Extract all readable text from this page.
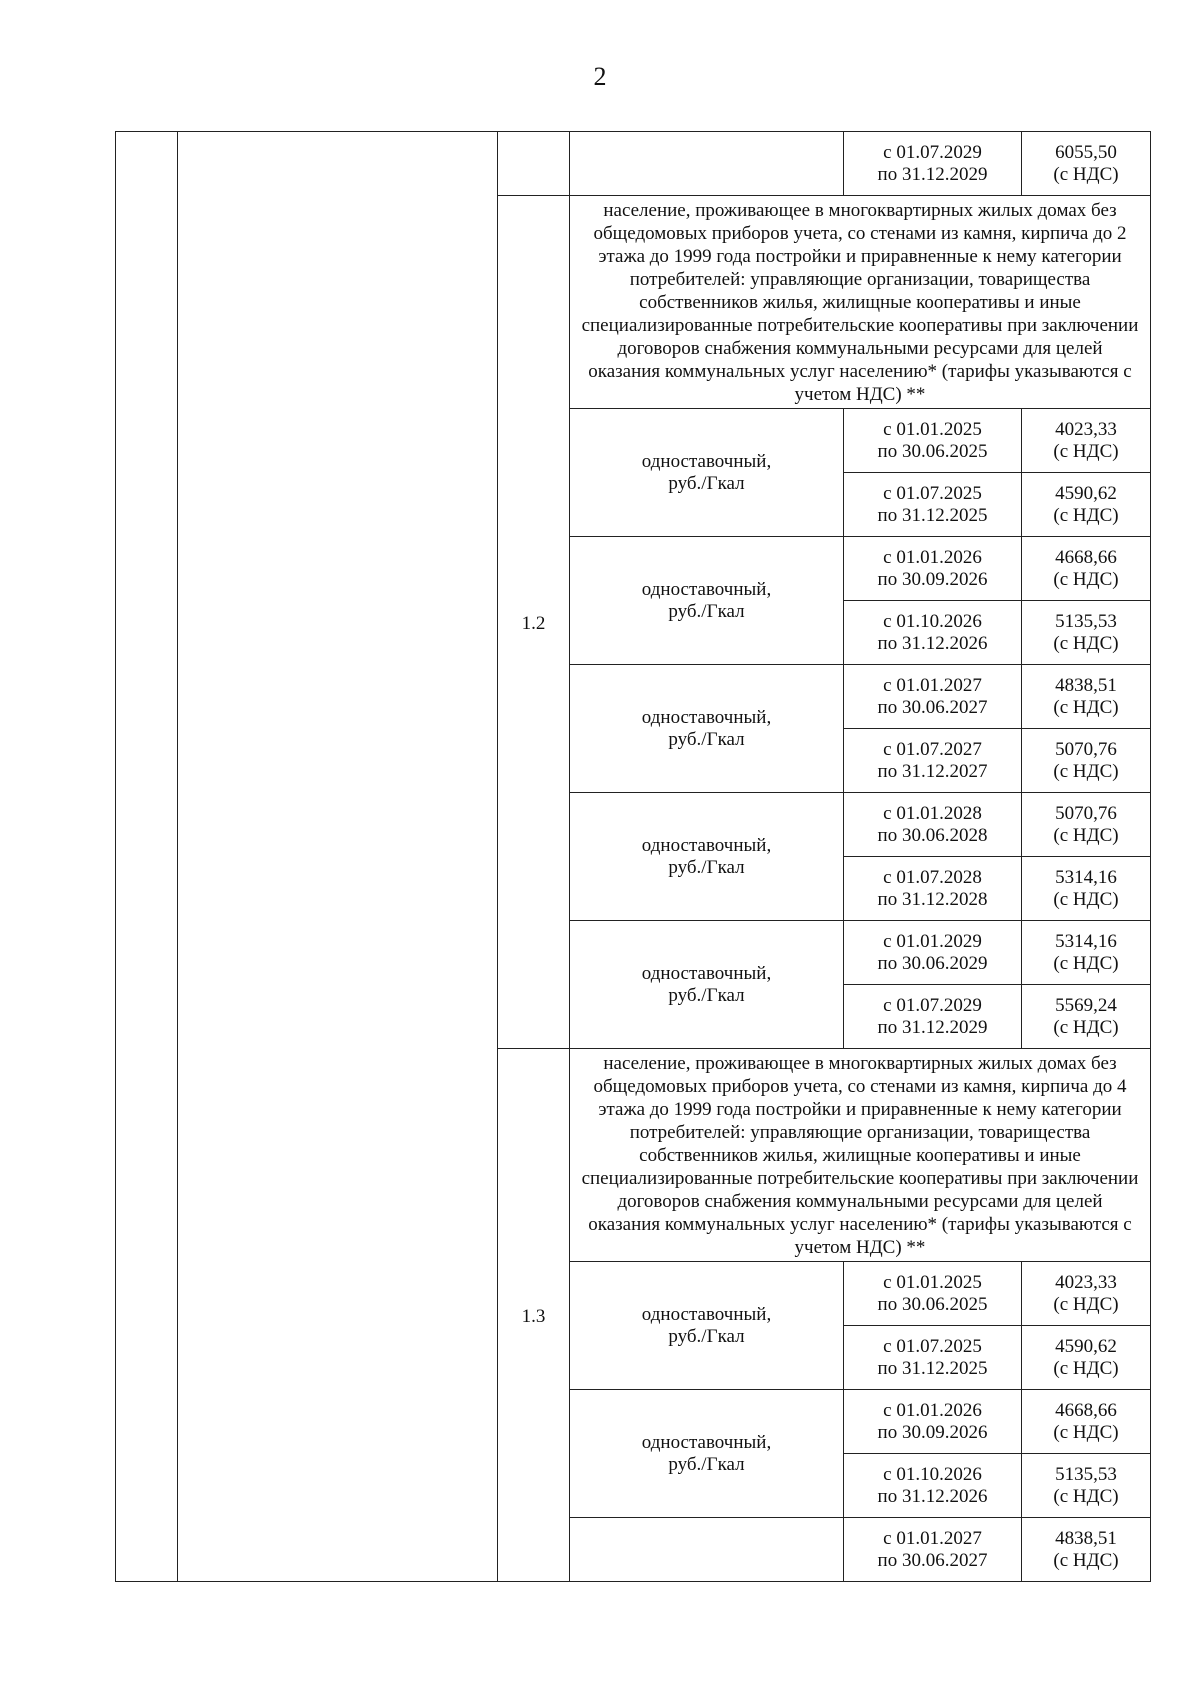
2

				с 01.07.2029
по 31.12.2029	6055,50
(с НДС)

		1.2	население, проживающее в многоквартирных жилых домах без общедомовых приборов учета, со стенами из камня, кирпича до 2 этажа до 1999 года постройки и приравненные к нему категории потребителей: управляющие организации, товарищества собственников жилья, жилищные кооперативы и иные специализированные потребительские кооперативы при заключении договоров снабжения коммунальными ресурсами для целей оказания коммунальных услуг населению* (тарифы указываются с учетом НДС) **		

			одноставочный,
руб./Гкал	с 01.01.2025
по 30.06.2025	4023,33
(с НДС)

				с 01.07.2025
по 31.12.2025	4590,62
(с НДС)

			одноставочный,
руб./Гкал	с 01.01.2026
по 30.09.2026	4668,66
(с НДС)

				с 01.10.2026
по 31.12.2026	5135,53
(с НДС)

			одноставочный,
руб./Гкал	с 01.01.2027
по 30.06.2027	4838,51
(с НДС)

				с 01.07.2027
по 31.12.2027	5070,76
(с НДС)

			одноставочный,
руб./Гкал	с 01.01.2028
по 30.06.2028	5070,76
(с НДС)

				с 01.07.2028
по 31.12.2028	5314,16
(с НДС)

			одноставочный,
руб./Гкал	с 01.01.2029
по 30.06.2029	5314,16
(с НДС)

				с 01.07.2029
по 31.12.2029	5569,24
(с НДС)

		1.3	население, проживающее в многоквартирных жилых домах без общедомовых приборов учета, со стенами из камня, кирпича до 4 этажа до 1999 года постройки и приравненные к нему категории потребителей: управляющие организации, товарищества собственников жилья, жилищные кооперативы и иные специализированные потребительские кооперативы при заключении договоров снабжения коммунальными ресурсами для целей оказания коммунальных услуг населению* (тарифы указываются с учетом НДС) **		

			одноставочный,
руб./Гкал	с 01.01.2025
по 30.06.2025	4023,33
(с НДС)

				с 01.07.2025
по 31.12.2025	4590,62
(с НДС)

			одноставочный,
руб./Гкал	с 01.01.2026
по 30.09.2026	4668,66
(с НДС)

				с 01.10.2026
по 31.12.2026	5135,53
(с НДС)

				с 01.01.2027
по 30.06.2027	4838,51
(с НДС)
